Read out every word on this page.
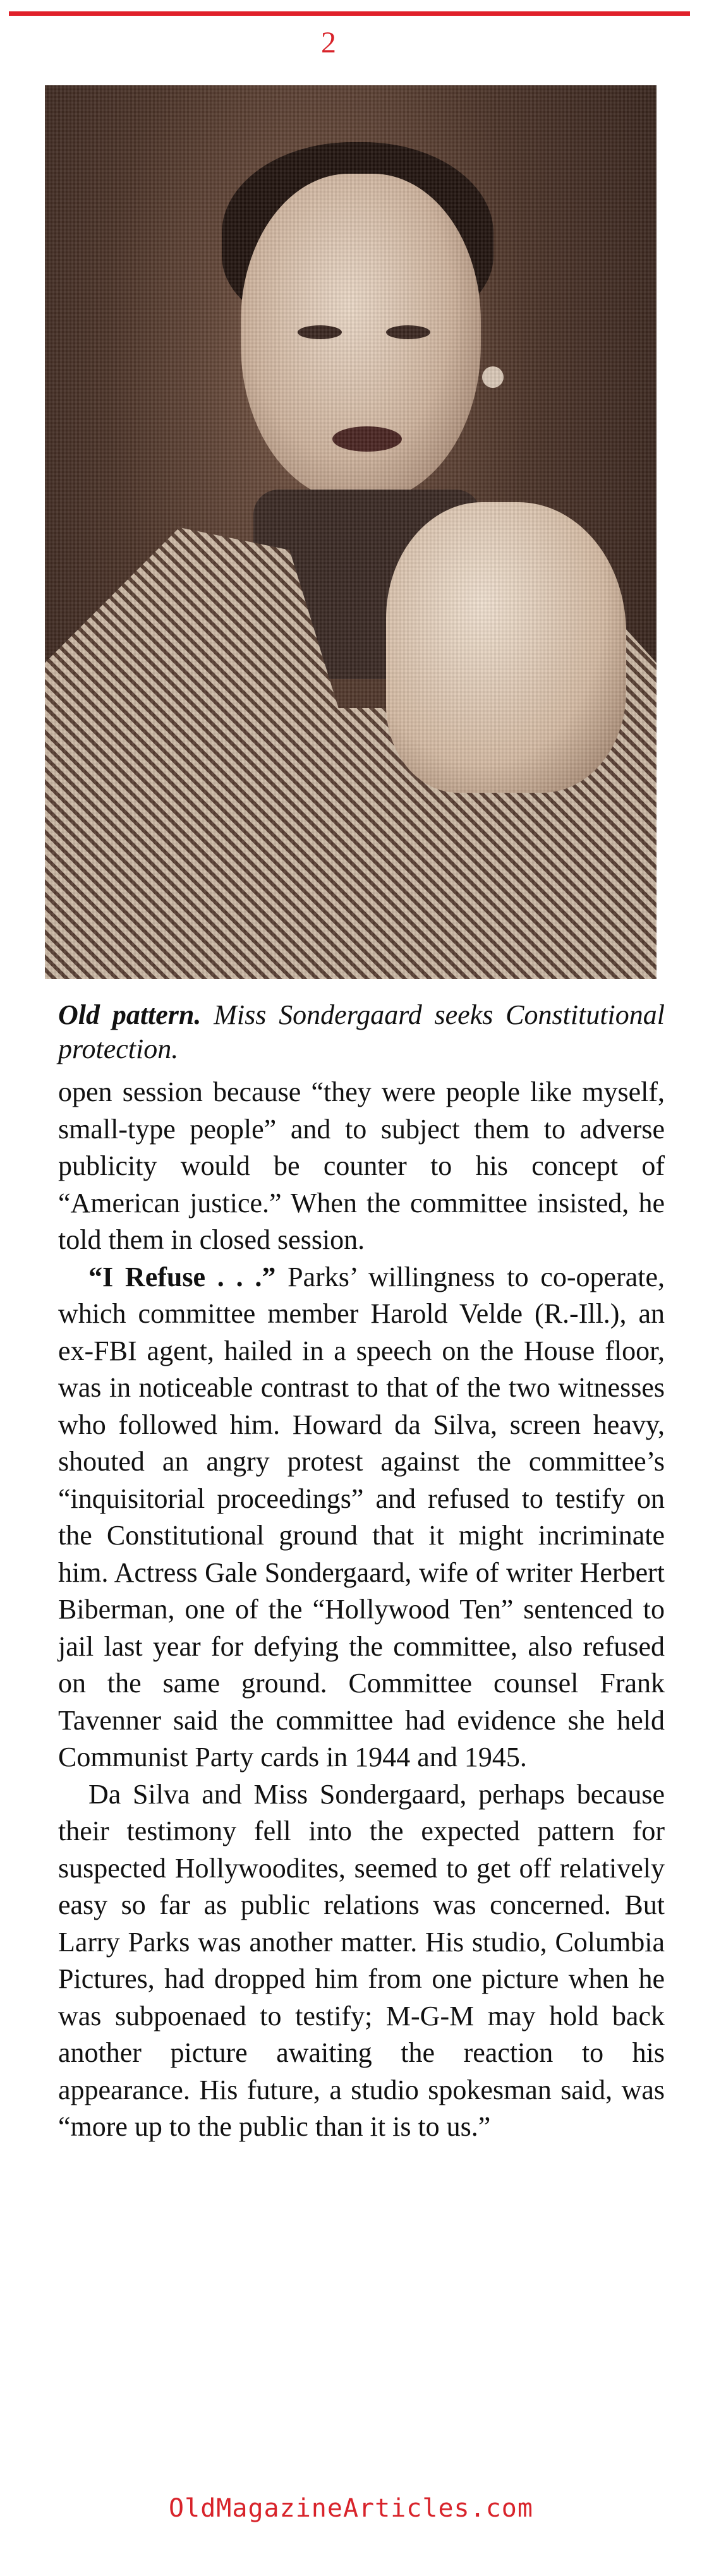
2
Old pattern. Miss Sondergaard seeks Constitutional protection.

open session because “they were people like myself, small-type people” and to subject them to adverse publicity would be counter to his concept of “American justice.” When the committee insisted, he told them in closed session.

“I Refuse . . .” Parks’ willingness to co-operate, which committee member Harold Velde (R.-Ill.), an ex-FBI agent, hailed in a speech on the House floor, was in noticeable contrast to that of the two witnesses who followed him. Howard da Silva, screen heavy, shouted an angry protest against the committee’s “inquisitorial proceedings” and refused to testify on the Constitutional ground that it might incriminate him. Actress Gale Sondergaard, wife of writer Herbert Biberman, one of the “Hollywood Ten” sentenced to jail last year for defying the committee, also refused on the same ground. Committee counsel Frank Tavenner said the committee had evidence she held Communist Party cards in 1944 and 1945.

Da Silva and Miss Sondergaard, perhaps because their testimony fell into the expected pattern for suspected Hollywoodites, seemed to get off relatively easy so far as public relations was concerned. But Larry Parks was another matter. His studio, Columbia Pictures, had dropped him from one picture when he was subpoenaed to testify; M-G-M may hold back another picture awaiting the reaction to his appearance. His future, a studio spokesman said, was “more up to the public than it is to us.”

OldMagazineArticles.com
